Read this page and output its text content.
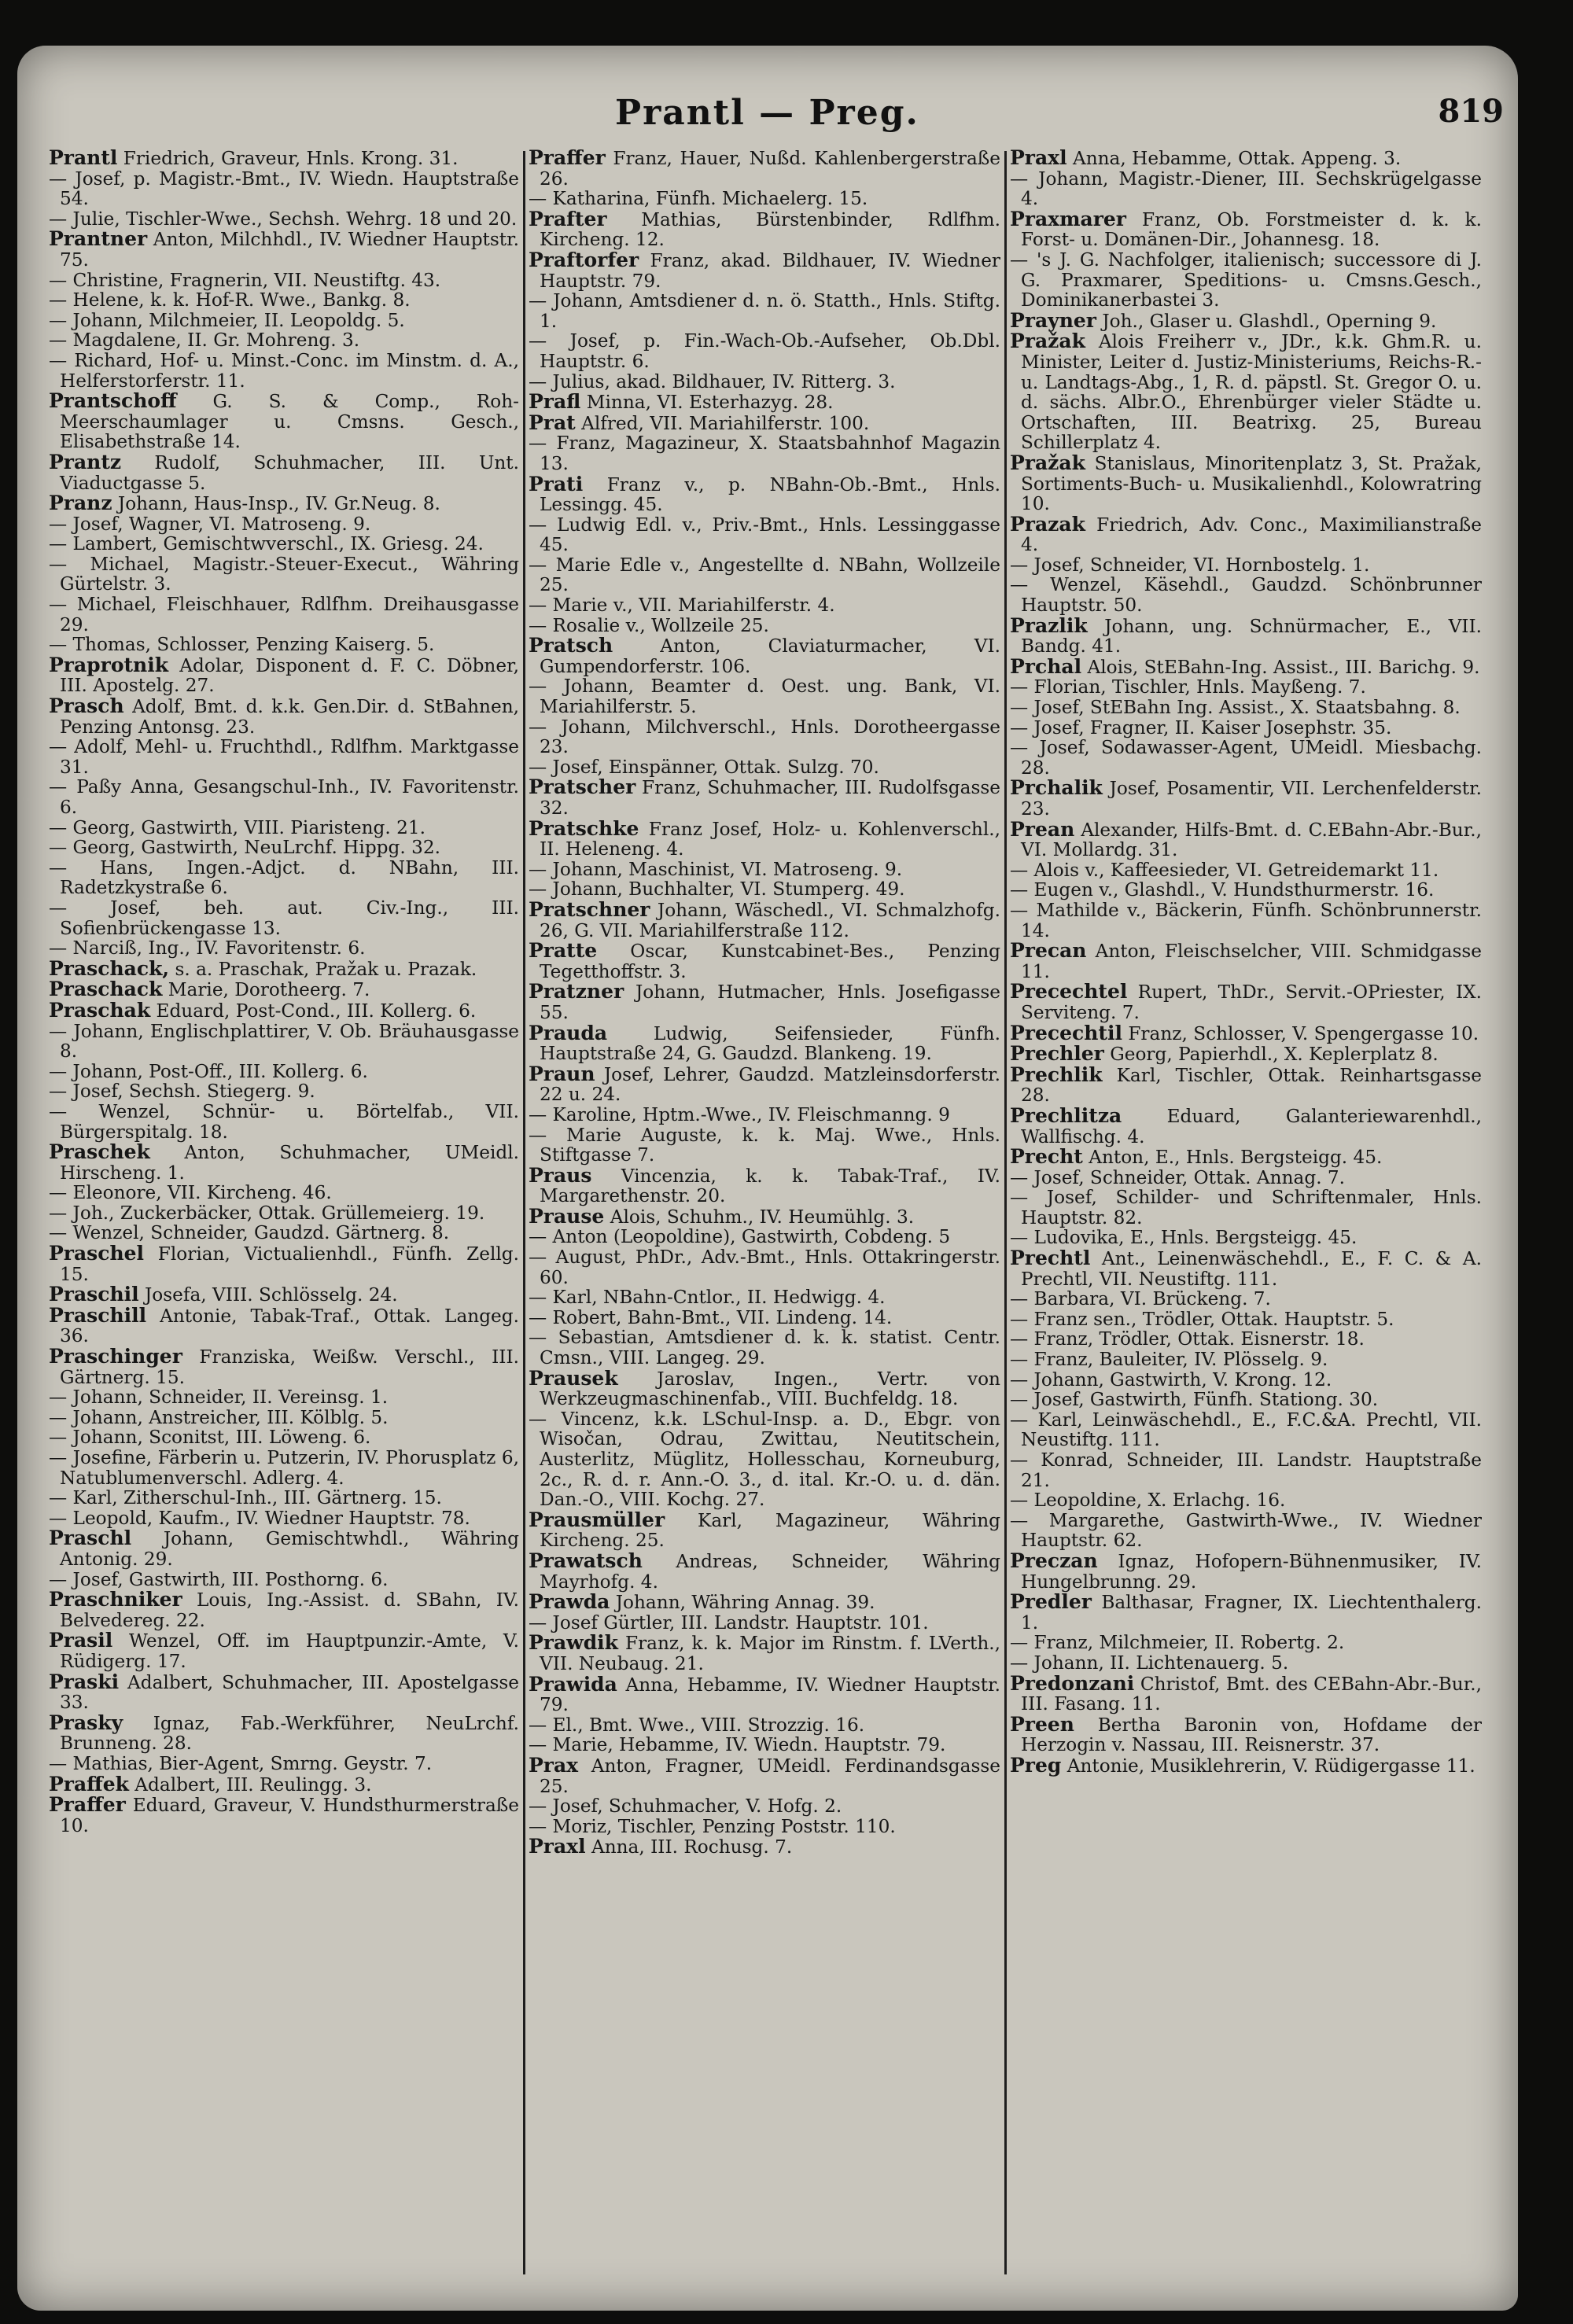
Prantl — Preg.	819

Prantl Friedrich, Graveur, Hnls. Krong. 31.

— Josef, p. Magistr.-Bmt., IV. Wiedn. Hauptstraße 54.

— Julie, Tischler-Wwe., Sechsh. Wehrg. 18 und 20.

Prantner Anton, Milchhdl., IV. Wiedner Hauptstr. 75.

— Christine, Fragnerin, VII. Neustiftg. 43.

— Helene, k. k. Hof-R. Wwe., Bankg. 8.

— Johann, Milchmeier, II. Leopoldg. 5.

— Magdalene, II. Gr. Mohreng. 3.

— Richard, Hof- u. Minst.-Conc. im Minstm. d. A., Helferstorferstr. 11.

Prantschoff G. S. & Comp., Roh-Meerschaumlager u. Cmsns. Gesch., Elisabethstraße 14.

Prantz Rudolf, Schuhmacher, III. Unt. Viaductgasse 5.

Pranz Johann, Haus-Insp., IV. Gr.Neug. 8.

— Josef, Wagner, VI. Matroseng. 9.

— Lambert, Gemischtwverschl., IX. Griesg. 24.

— Michael, Magistr.-Steuer-Execut., Währing Gürtelstr. 3.

— Michael, Fleischhauer, Rdlfhm. Dreihausgasse 29.

— Thomas, Schlosser, Penzing Kaiserg. 5.

Praprotnik Adolar, Disponent d. F. C. Döbner, III. Apostelg. 27.

Prasch Adolf, Bmt. d. k.k. Gen.Dir. d. StBahnen, Penzing Antonsg. 23.

— Adolf, Mehl- u. Fruchthdl., Rdlfhm. Marktgasse 31.

— Paßy Anna, Gesangschul-Inh., IV. Favoritenstr. 6.

— Georg, Gastwirth, VIII. Piaristeng. 21.

— Georg, Gastwirth, NeuLrchf. Hippg. 32.

— Hans, Ingen.-Adjct. d. NBahn, III. Radetzkystraße 6.

— Josef, beh. aut. Civ.-Ing., III. Sofienbrückengasse 13.

— Narciß, Ing., IV. Favoritenstr. 6.

Praschack, s. a. Praschak, Pražak u. Prazak.

Praschack Marie, Dorotheerg. 7.

Praschak Eduard, Post-Cond., III. Kollerg. 6.

— Johann, Englischplattirer, V. Ob. Bräuhausgasse 8.

— Johann, Post-Off., III. Kollerg. 6.

— Josef, Sechsh. Stiegerg. 9.

— Wenzel, Schnür- u. Börtelfab., VII. Bürgerspitalg. 18.

Praschek Anton, Schuhmacher, UMeidl. Hirscheng. 1.

— Eleonore, VII. Kircheng. 46.

— Joh., Zuckerbäcker, Ottak. Grüllemeierg. 19.

— Wenzel, Schneider, Gaudzd. Gärtnerg. 8.

Praschel Florian, Victualienhdl., Fünfh. Zellg. 15.

Praschil Josefa, VIII. Schlösselg. 24.

Praschill Antonie, Tabak-Traf., Ottak. Langeg. 36.

Praschinger Franziska, Weißw. Verschl., III. Gärtnerg. 15.

— Johann, Schneider, II. Vereinsg. 1.

— Johann, Anstreicher, III. Kölblg. 5.

— Johann, Sconitst, III. Löweng. 6.

— Josefine, Färberin u. Putzerin, IV. Phorusplatz 6, Natublumenverschl. Adlerg. 4.

— Karl, Zitherschul-Inh., III. Gärtnerg. 15.

— Leopold, Kaufm., IV. Wiedner Hauptstr. 78.

Praschl Johann, Gemischtwhdl., Währing Antonig. 29.

— Josef, Gastwirth, III. Posthorng. 6.

Praschniker Louis, Ing.-Assist. d. SBahn, IV. Belvedereg. 22.

Prasil Wenzel, Off. im Hauptpunzir.-Amte, V. Rüdigerg. 17.

Praski Adalbert, Schuhmacher, III. Apostelgasse 33.

Prasky Ignaz, Fab.-Werkführer, NeuLrchf. Brunneng. 28.

— Mathias, Bier-Agent, Smrng. Geystr. 7.

Praffek Adalbert, III. Reulingg. 3.

Praffer Eduard, Graveur, V. Hundsthurmerstraße 10.

Praffer Franz, Hauer, Nußd. Kahlenbergerstraße 26.

— Katharina, Fünfh. Michaelerg. 15.

Prafter Mathias, Bürstenbinder, Rdlfhm. Kircheng. 12.

Praftorfer Franz, akad. Bildhauer, IV. Wiedner Hauptstr. 79.

— Johann, Amtsdiener d. n. ö. Statth., Hnls. Stiftg. 1.

— Josef, p. Fin.-Wach-Ob.-Aufseher, Ob.Dbl. Hauptstr. 6.

— Julius, akad. Bildhauer, IV. Ritterg. 3.

Prafl Minna, VI. Esterhazyg. 28.

Prat Alfred, VII. Mariahilferstr. 100.

— Franz, Magazineur, X. Staatsbahnhof Magazin 13.

Prati Franz v., p. NBahn-Ob.-Bmt., Hnls. Lessingg. 45.

— Ludwig Edl. v., Priv.-Bmt., Hnls. Lessinggasse 45.

— Marie Edle v., Angestellte d. NBahn, Wollzeile 25.

— Marie v., VII. Mariahilferstr. 4.

— Rosalie v., Wollzeile 25.

Pratsch Anton, Claviaturmacher, VI. Gumpendorferstr. 106.

— Johann, Beamter d. Oest. ung. Bank, VI. Mariahilferstr. 5.

— Johann, Milchverschl., Hnls. Dorotheergasse 23.

— Josef, Einspänner, Ottak. Sulzg. 70.

Pratscher Franz, Schuhmacher, III. Rudolfsgasse 32.

Pratschke Franz Josef, Holz- u. Kohlenverschl., II. Heleneng. 4.

— Johann, Maschinist, VI. Matroseng. 9.

— Johann, Buchhalter, VI. Stumperg. 49.

Pratschner Johann, Wäschedl., VI. Schmalzhofg. 26, G. VII. Mariahilferstraße 112.

Pratte Oscar, Kunstcabinet-Bes., Penzing Tegetthoffstr. 3.

Pratzner Johann, Hutmacher, Hnls. Josefigasse 55.

Prauda Ludwig, Seifensieder, Fünfh. Hauptstraße 24, G. Gaudzd. Blankeng. 19.

Praun Josef, Lehrer, Gaudzd. Matzleinsdorferstr. 22 u. 24.

— Karoline, Hptm.-Wwe., IV. Fleischmanng. 9

— Marie Auguste, k. k. Maj. Wwe., Hnls. Stiftgasse 7.

Praus Vincenzia, k. k. Tabak-Traf., IV. Margarethenstr. 20.

Prause Alois, Schuhm., IV. Heumühlg. 3.

— Anton (Leopoldine), Gastwirth, Cobdeng. 5

— August, PhDr., Adv.-Bmt., Hnls. Ottakringerstr. 60.

— Karl, NBahn-Cntlor., II. Hedwigg. 4.

— Robert, Bahn-Bmt., VII. Lindeng. 14.

— Sebastian, Amtsdiener d. k. k. statist. Centr. Cmsn., VIII. Langeg. 29.

Prausek Jaroslav, Ingen., Vertr. von Werkzeugmaschinenfab., VIII. Buchfeldg. 18.

— Vincenz, k.k. LSchul-Insp. a. D., Ebgr. von Wisočan, Odrau, Zwittau, Neutitschein, Austerlitz, Müglitz, Hollesschau, Korneuburg, 2c., R. d. r. Ann.-O. 3., d. ital. Kr.-O. u. d. dän. Dan.-O., VIII. Kochg. 27.

Prausmüller Karl, Magazineur, Währing Kircheng. 25.

Prawatsch Andreas, Schneider, Währing Mayrhofg. 4.

Prawda Johann, Währing Annag. 39.

— Josef Gürtler, III. Landstr. Hauptstr. 101.

Prawdik Franz, k. k. Major im Rinstm. f. LVerth., VII. Neubaug. 21.

Prawida Anna, Hebamme, IV. Wiedner Hauptstr. 79.

— El., Bmt. Wwe., VIII. Strozzig. 16.

— Marie, Hebamme, IV. Wiedn. Hauptstr. 79.

Prax Anton, Fragner, UMeidl. Ferdinandsgasse 25.

— Josef, Schuhmacher, V. Hofg. 2.

— Moriz, Tischler, Penzing Poststr. 110.

Praxl Anna, III. Rochusg. 7.

Praxl Anna, Hebamme, Ottak. Appeng. 3.

— Johann, Magistr.-Diener, III. Sechskrügelgasse 4.

Praxmarer Franz, Ob. Forstmeister d. k. k. Forst- u. Domänen-Dir., Johannesg. 18.

— 's J. G. Nachfolger, italienisch; successore di J. G. Praxmarer, Speditions- u. Cmsns.Gesch., Dominikanerbastei 3.

Prayner Joh., Glaser u. Glashdl., Operning 9.

Pražak Alois Freiherr v., JDr., k.k. Ghm.R. u. Minister, Leiter d. Justiz-Ministeriums, Reichs-R.- u. Landtags-Abg., 1, R. d. päpstl. St. Gregor O. u. d. sächs. Albr.O., Ehrenbürger vieler Städte u. Ortschaften, III. Beatrixg. 25, Bureau Schillerplatz 4.

Pražak Stanislaus, Minoritenplatz 3, St. Pražak, Sortiments-Buch- u. Musikalienhdl., Kolowratring 10.

Prazak Friedrich, Adv. Conc., Maximilianstraße 4.

— Josef, Schneider, VI. Hornbostelg. 1.

— Wenzel, Käsehdl., Gaudzd. Schönbrunner Hauptstr. 50.

Prazlik Johann, ung. Schnürmacher, E., VII. Bandg. 41.

Prchal Alois, StEBahn-Ing. Assist., III. Barichg. 9.

— Florian, Tischler, Hnls. Mayßeng. 7.

— Josef, StEBahn Ing. Assist., X. Staatsbahng. 8.

— Josef, Fragner, II. Kaiser Josephstr. 35.

— Josef, Sodawasser-Agent, UMeidl. Miesbachg. 28.

Prchalik Josef, Posamentir, VII. Lerchenfelderstr. 23.

Prean Alexander, Hilfs-Bmt. d. C.EBahn-Abr.-Bur., VI. Mollardg. 31.

— Alois v., Kaffeesieder, VI. Getreidemarkt 11.

— Eugen v., Glashdl., V. Hundsthurmerstr. 16.

— Mathilde v., Bäckerin, Fünfh. Schönbrunnerstr. 14.

Precan Anton, Fleischselcher, VIII. Schmidgasse 11.

Precechtel Rupert, ThDr., Servit.-OPriester, IX. Serviteng. 7.

Precechtil Franz, Schlosser, V. Spengergasse 10.

Prechler Georg, Papierhdl., X. Keplerplatz 8.

Prechlik Karl, Tischler, Ottak. Reinhartsgasse 28.

Prechlitza Eduard, Galanteriewarenhdl., Wallfischg. 4.

Precht Anton, E., Hnls. Bergsteigg. 45.

— Josef, Schneider, Ottak. Annag. 7.

— Josef, Schilder- und Schriftenmaler, Hnls. Hauptstr. 82.

— Ludovika, E., Hnls. Bergsteigg. 45.

Prechtl Ant., Leinenwäschehdl., E., F. C. & A. Prechtl, VII. Neustiftg. 111.

— Barbara, VI. Brückeng. 7.

— Franz sen., Trödler, Ottak. Hauptstr. 5.

— Franz, Trödler, Ottak. Eisnerstr. 18.

— Franz, Bauleiter, IV. Plösselg. 9.

— Johann, Gastwirth, V. Krong. 12.

— Josef, Gastwirth, Fünfh. Stationg. 30.

— Karl, Leinwäschehdl., E., F.C.&A. Prechtl, VII. Neustiftg. 111.

— Konrad, Schneider, III. Landstr. Hauptstraße 21.

— Leopoldine, X. Erlachg. 16.

— Margarethe, Gastwirth-Wwe., IV. Wiedner Hauptstr. 62.

Preczan Ignaz, Hofopern-Bühnenmusiker, IV. Hungelbrunng. 29.

Predler Balthasar, Fragner, IX. Liechtenthalerg. 1.

— Franz, Milchmeier, II. Robertg. 2.

— Johann, II. Lichtenauerg. 5.

Predonzani Christof, Bmt. des CEBahn-Abr.-Bur., III. Fasang. 11.

Preen Bertha Baronin von, Hofdame der Herzogin v. Nassau, III. Reisnerstr. 37.

Preg Antonie, Musiklehrerin, V. Rüdigergasse 11.
